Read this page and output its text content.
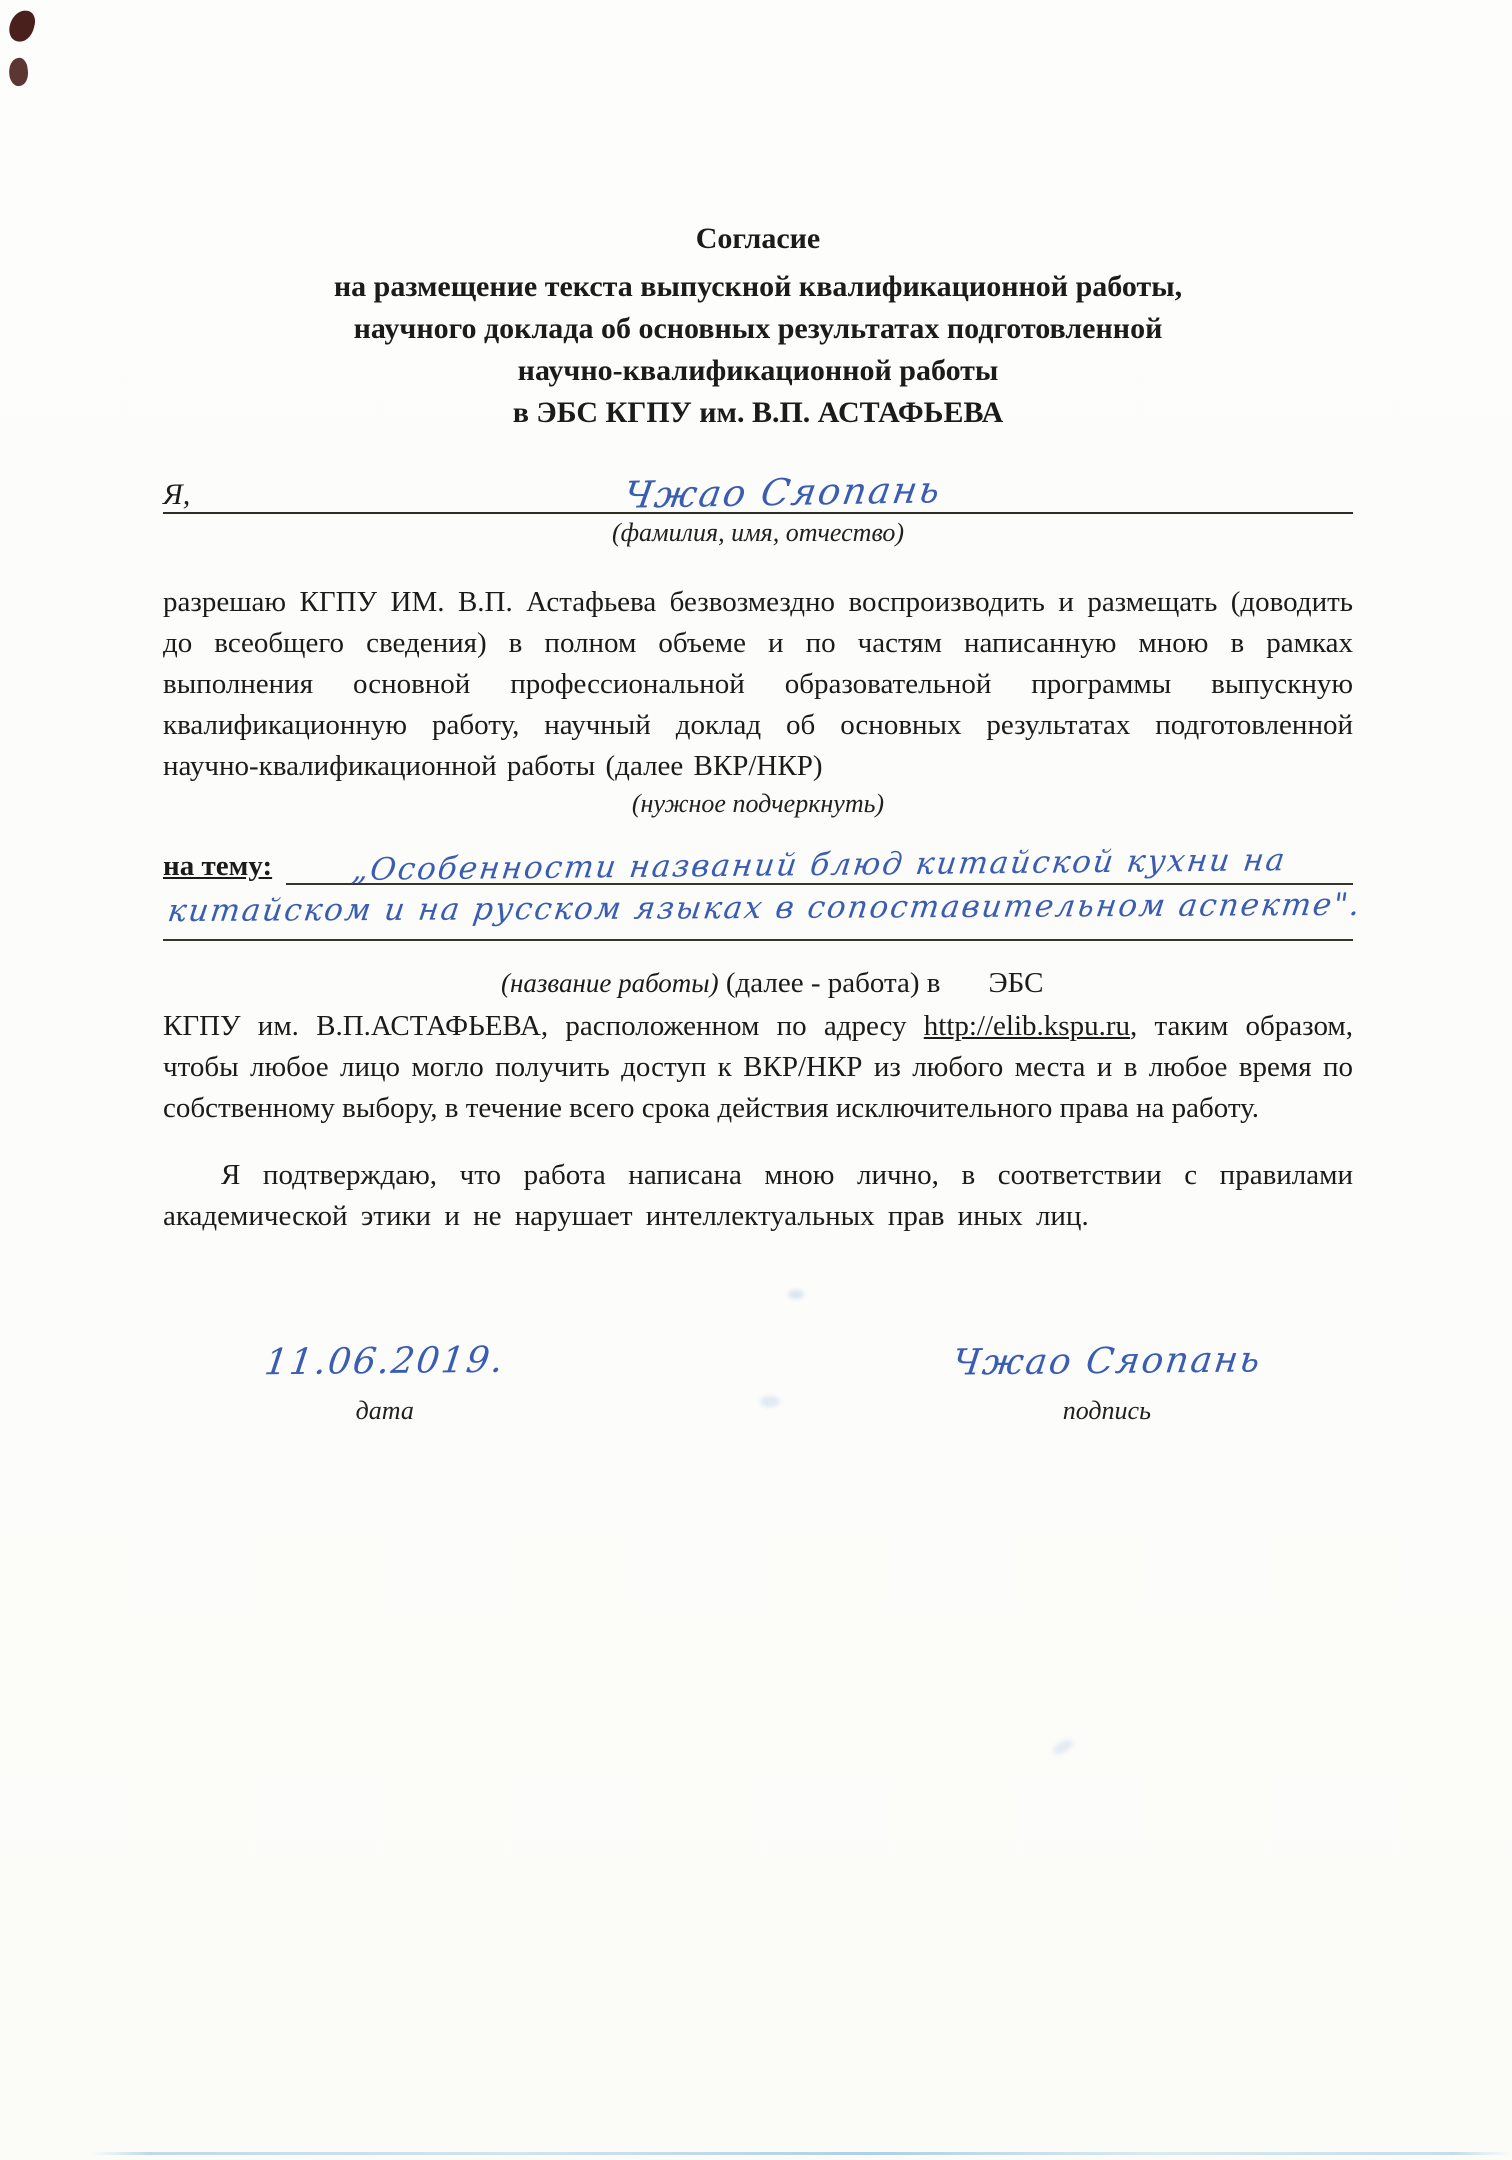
Согласие
на размещение текста выпускной квалификационной работы,
научного доклада об основных результатах подготовленной
научно-квалификационной работы
в ЭБС КГПУ им. В.П. АСТАФЬЕВА
Я,	Чжао Сяопань
(фамилия, имя, отчество)

разрешаю КГПУ ИМ. В.П. Астафьева безвозмездно воспроизводить и размещать (доводить до всеобщего сведения) в полном объеме и по частям написанную мною в рамках выполнения основной профессиональной образовательной программы выпускную квалификационную работу, научный доклад об основных результатах подготовленной научно-квалификационной работы (далее ВКР/НКР)

(нужное подчеркнуть)
на тему:	„Особенности названий блюд китайской кухни на
китайском и на русском языках в сопоставительном аспекте".
(название работы) (далее - работа) в ЭБС

КГПУ им. В.П.АСТАФЬЕВА, расположенном по адресу http://elib.kspu.ru, таким образом, чтобы любое лицо могло получить доступ к ВКР/НКР из любого места и в любое время по собственному выбору, в течение всего срока действия исключительного права на работу.

Я подтверждаю, что работа написана мною лично, в соответствии с правилами академической этики и не нарушает интеллектуальных прав иных лиц.

11.06.2019.
дата
Чжао Сяопань
подпись
